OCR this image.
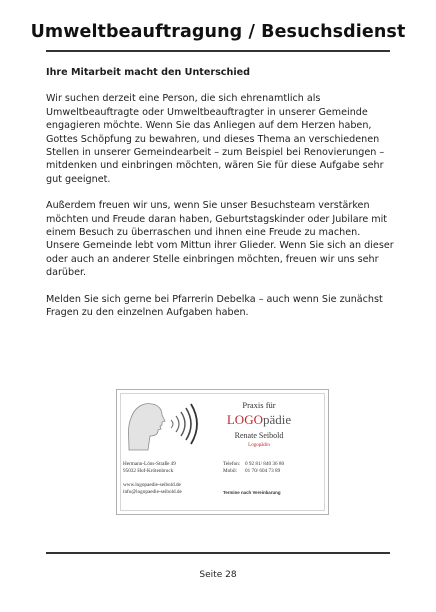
Umweltbeauftragung / Besuchsdienst

Ihre Mitarbeit macht den Unterschied

Wir suchen derzeit eine Person, die sich ehrenamtlich als Umweltbeauftragte oder Umweltbeauftragter in unserer Gemeinde engagieren möchte. Wenn Sie das Anliegen auf dem Herzen haben, Gottes Schöpfung zu bewahren, und dieses Thema an verschiedenen Stellen in unserer Gemeindearbeit – zum Beispiel bei Renovierungen – mitdenken und einbringen möchten, wären Sie für diese Aufgabe sehr gut geeignet.

Außerdem freuen wir uns, wenn Sie unser Besuchsteam verstärken möchten und Freude daran haben, Geburtstagskinder oder Jubilare mit einem Besuch zu überraschen und ihnen eine Freude zu machen. Unsere Gemeinde lebt vom Mittun ihrer Glieder. Wenn Sie sich an dieser oder auch an anderer Stelle einbringen möchten, freuen wir uns sehr darüber.

Melden Sie sich gerne bei Pfarrerin Debelka – auch wenn Sie zunächst Fragen zu den einzelnen Aufgaben haben.

Praxis für
LOGOpädie
Renate Seibold
Logopädin
Hermann-Löns-Straße 49
95032 Hof-Krötenbruck
Telefon: 0 92 81/ 840 36 80
Mobil: 01 70/ 604 73 89
www.logopaedie-seibold.de
info@logopaedie-seibold.de	Termine nach Vereinbarung
Seite 28
